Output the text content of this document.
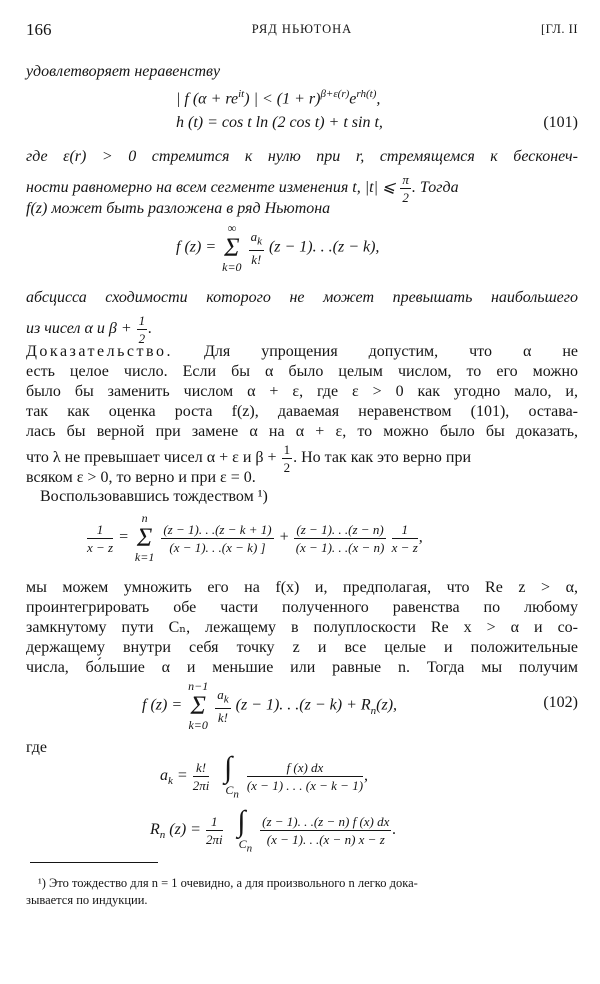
166	РЯД НЬЮТОНА	[ГЛ. II
удовлетворяет неравенству
| f $(\alpha + re^{it})$ | < $(1 + r)^{\beta+\varepsilon(r)}e^{rh(t)}$,
h (t) = cos t ln (2 cos t) + t sin t,	(101)
где ε(r) > 0 стремится к нулю при r, стремящемся к бесконеч-
ности равномерно на всем сегменте изменения t, |t| ⩽ $\frac{\pi}{2}$ . Тогда
f(z) может быть разложена в ряд Ньютона
f (z) =
∞
Σ
k=0
$\frac{a_k}{k!} (z - 1)$. . .(z − k),
абсцисса сходимости которого не может превышать наибольшего
из чисел α и $\beta + \frac{1}{2}$ .
Доказательство. Для упрощения допустим, что α не
есть целое число. Если бы α было целым числом, то его можно
было бы заменить числом α + ε, где ε > 0 как угодно мало, и,
так как оценка роста f(z), даваемая неравенством (101), остава-
лась бы верной при замене α на α + ε, то можно было бы доказать,
что λ не превышает чисел α + ε и $\beta + \frac{1}{2}$ . Но так как это верно при
всяком ε > 0, то верно и при ε = 0.
Воспользовавшись тождеством ¹)
$\frac{1}{x - z}$ =
n
Σ
k=1

$\frac{(z - 1). . .(z - k + 1)}{(x - 1). . .(x - k) ]} + \frac{(z - 1). . .(z - n)}{(x - 1). . .(x - n)}$
$\frac{1}{x - z}$ ,
мы можем умножить его на f(x) и, предполагая, что Re z > α,
проинтегрировать обе части полученного равенства по любому
замкнутому пути Cₙ, лежащему в полуплоскости Re x > α и со-
держащему внутри себя точку z и все целые и положительные
числа, бо́льшие α и меньшие или равные n. Тогда мы получим
f (z) =
n−1
Σ
k=0
$\frac{a_k}{k!} (z - 1)$. . $.(z - k) + R_n(z)$,	(102)
где
$a_k = \frac{k!}{2\pi i}$
∫
$C_n$

$\frac{f (x) dx}{(x - 1) . . . (x - k - 1)}$ ,
$R_n$ $(z) = \frac{1}{2\pi i}$
∫
$C_n$

$\frac{(z - 1). . .(z - n) f (x) dx}{(x - 1). . .(x - n) x - z}$ .
¹) Это тождество для n = 1 очевидно, а для произвольного n легко дока-
зывается по индукции.
